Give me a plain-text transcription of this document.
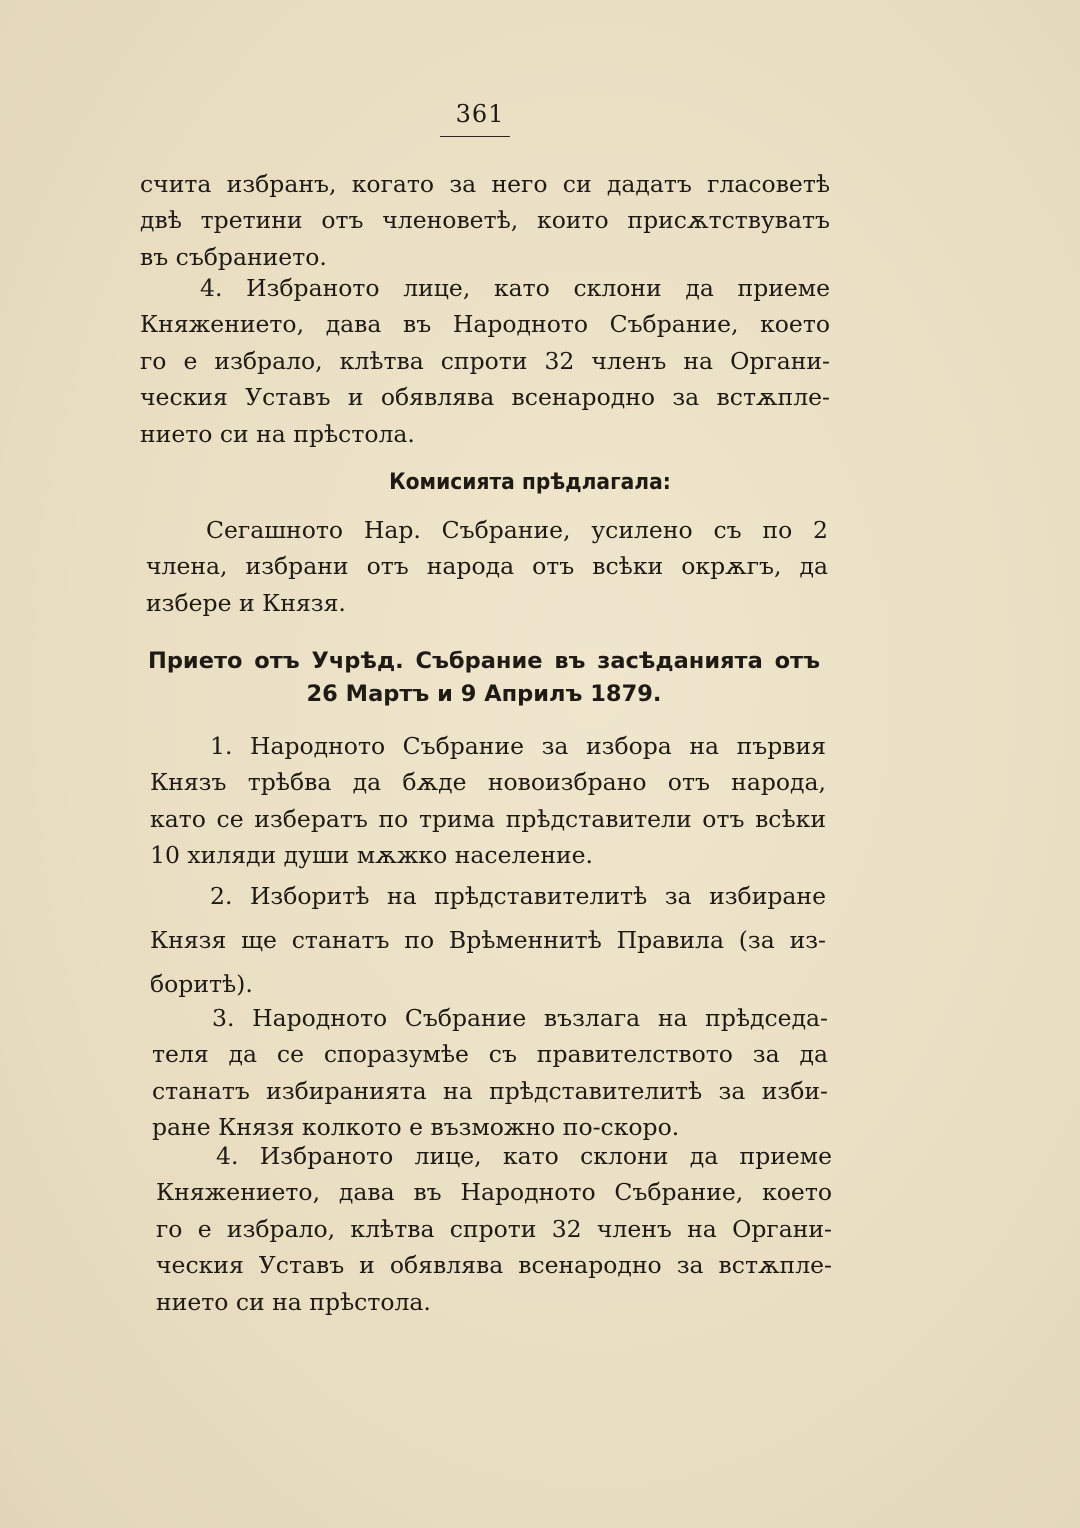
361
счита избранъ, когато за него си дадатъ гласоветѣ
двѣ третини отъ членоветѣ, които присѫтствуватъ
въ събранието.
4. Избраното лице, като склони да приеме
Княжението, дава въ Народното Събрание, което
го е избрало, клѣтва спроти 32 членъ на Органи-
ческия Уставъ и обявлява всенародно за встѫпле-
нието си на прѣстола.
Комисията прѣдлагала:
Сегашното Нар. Събрание, усилено съ по 2
члена, избрани отъ народа отъ всѣки окрѫгъ, да
избере и Князя.
Приeто отъ Учрѣд. Събрание въ засѣданията отъ
26 Мартъ и 9 Априлъ 1879.
1. Народното Събрание за избора на първия
Князъ трѣбва да бѫде новоизбрано отъ народа,
като се изберaтъ по трима прѣдставители отъ всѣки
10 хиляди души мѫжко население.
2. Изборитѣ на прѣдставителитѣ за избиране
Князя ще станатъ по Врѣменнитѣ Правила (за из-
боритѣ).
3. Народното Събрание възлага на прѣдседа-
теля да се споразумѣе съ правителството за да
станатъ избиранията на прѣдставителитѣ за изби-
ране Князя колкото е възможно по-скоро.
4. Избраното лице, като склони да приеме
Княжението, дава въ Народното Събрание, което
го е избрало, клѣтва спроти 32 членъ на Органи-
ческия Уставъ и обявлява всенародно за встѫпле-
нието си на прѣстола.
